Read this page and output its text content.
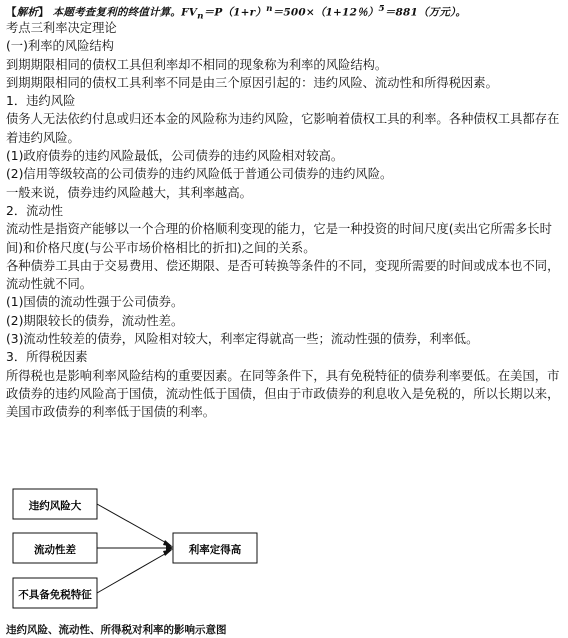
【解析】 本题考查复利的终值计算。$FV_n=P(1+r)^n=500\times(1+12$％）$^5$＝881（万元）。

考点三利率决定理论

(一)利率的风险结构

到期期限相同的债权工具但利率却不相同的现象称为利率的风险结构。

到期期限相同的债权工具利率不同是由三个原因引起的：违约风险、流动性和所得税因素。

1．违约风险

债务人无法依约付息或归还本金的风险称为违约风险，它影响着债权工具的利率。各种债权工具都存在着违约风险。

(1)政府债券的违约风险最低，公司债券的违约风险相对较高。

(2)信用等级较高的公司债券的违约风险低于普通公司债券的违约风险。

一般来说，债券违约风险越大，其利率越高。

2．流动性

流动性是指资产能够以一个合理的价格顺利变现的能力，它是一种投资的时间尺度(卖出它所需多长时间)和价格尺度(与公平市场价格相比的折扣)之间的关系。

各种债券工具由于交易费用、偿还期限、是否可转换等条件的不同，变现所需要的时间或成本也不同，流动性就不同。

(1)国债的流动性强于公司债券。

(2)期限较长的债券，流动性差。

(3)流动性较差的债券，风险相对较大，利率定得就高一些；流动性强的债券，利率低。

3．所得税因素

所得税也是影响利率风险结构的重要因素。在同等条件下，具有免税特征的债券利率要低。在美国，市政债券的违约风险高于国债，流动性低于国债，但由于市政债券的利息收入是免税的，所以长期以来，美国市政债券的利率低于国债的利率。

违约风险大
流动性差
不具备免税特征
利率定得高
违约风险、流动性、所得税对利率的影响示意图
